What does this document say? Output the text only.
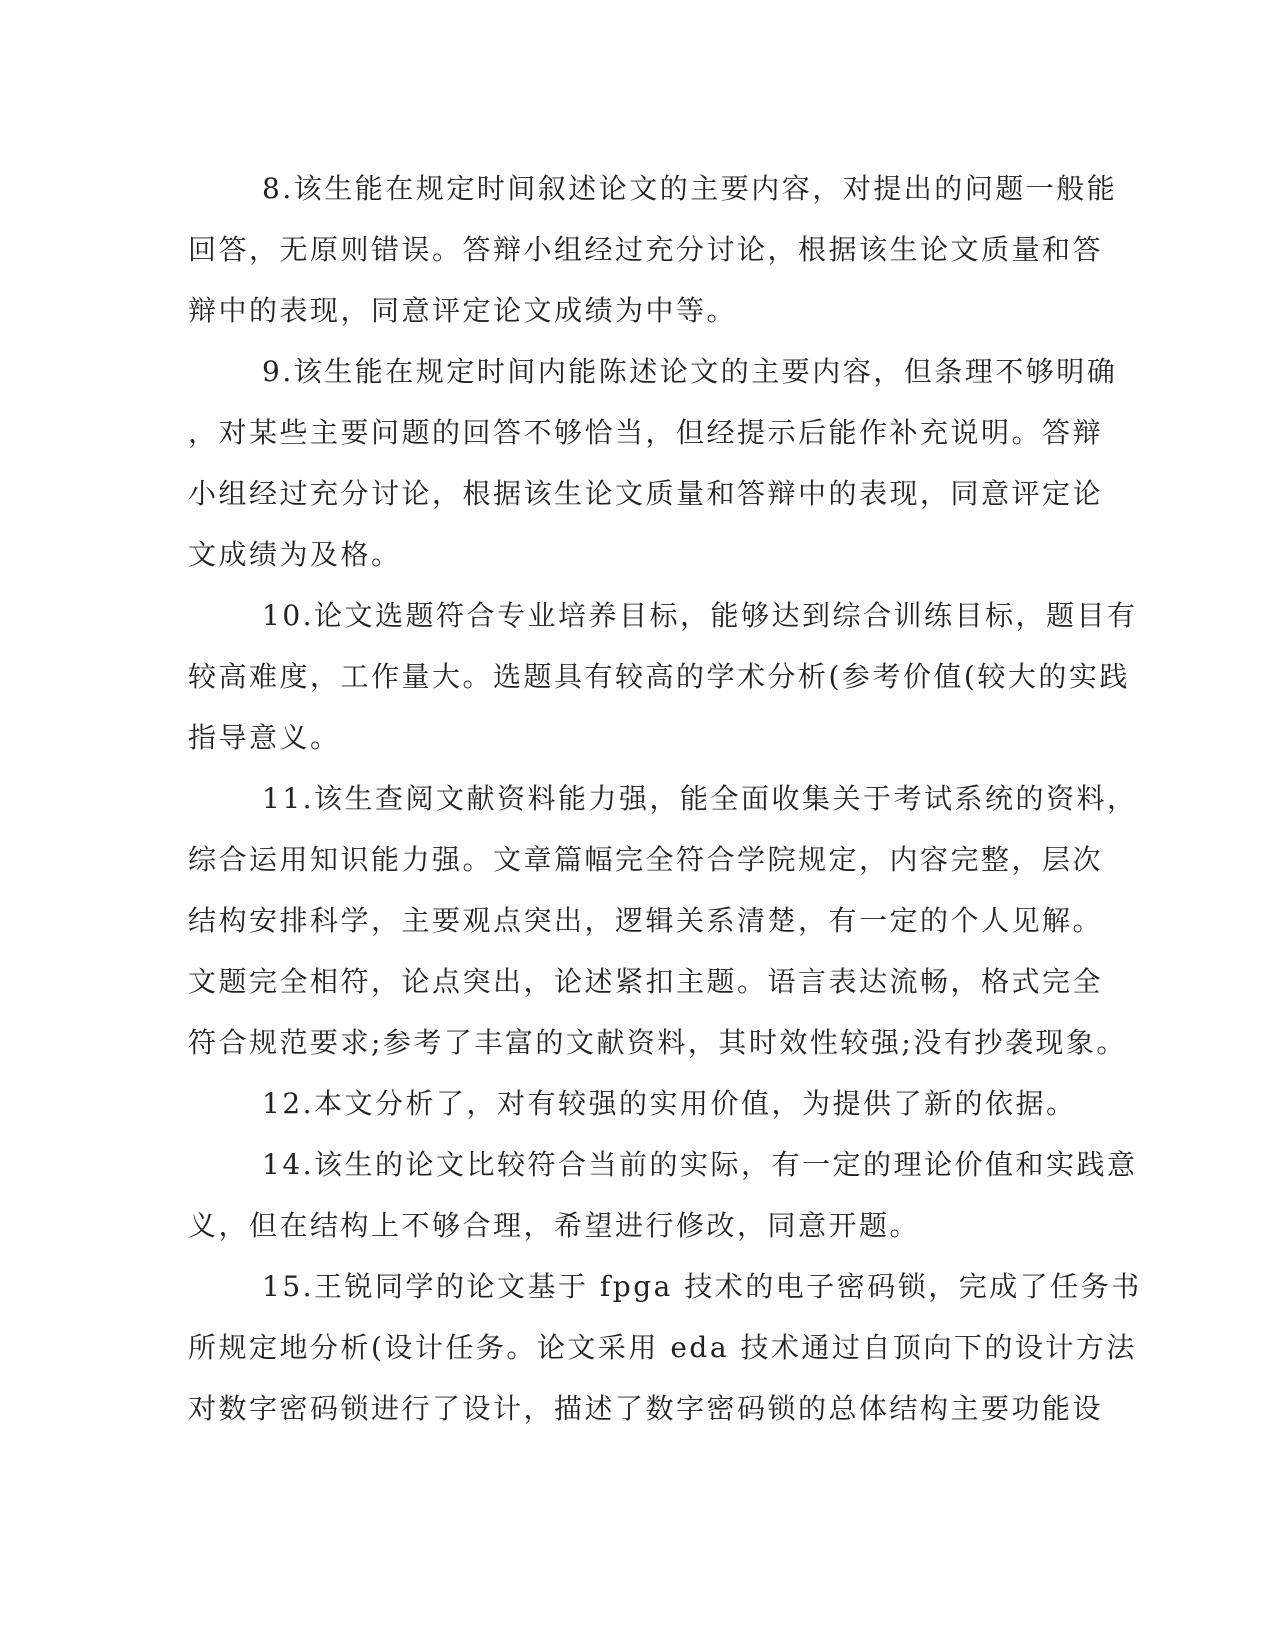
8.该生能在规定时间叙述论文的主要内容，对提出的问题一般能
回答，无原则错误。答辩小组经过充分讨论，根据该生论文质量和答
辩中的表现，同意评定论文成绩为中等。
9.该生能在规定时间内能陈述论文的主要内容，但条理不够明确
，对某些主要问题的回答不够恰当，但经提示后能作补充说明。答辩
小组经过充分讨论，根据该生论文质量和答辩中的表现，同意评定论
文成绩为及格。
10.论文选题符合专业培养目标，能够达到综合训练目标，题目有
较高难度，工作量大。选题具有较高的学术分析(参考价值(较大的实践
指导意义。
11.该生查阅文献资料能力强，能全面收集关于考试系统的资料，
综合运用知识能力强。文章篇幅完全符合学院规定，内容完整，层次
结构安排科学，主要观点突出，逻辑关系清楚，有一定的个人见解。
文题完全相符，论点突出，论述紧扣主题。语言表达流畅，格式完全
符合规范要求;参考了丰富的文献资料，其时效性较强;没有抄袭现象。
12.本文分析了，对有较强的实用价值，为提供了新的依据。
14.该生的论文比较符合当前的实际，有一定的理论价值和实践意
义，但在结构上不够合理，希望进行修改，同意开题。
15.王锐同学的论文基于 fpga 技术的电子密码锁，完成了任务书
所规定地分析(设计任务。论文采用 eda 技术通过自顶向下的设计方法
对数字密码锁进行了设计，描述了数字密码锁的总体结构主要功能设
